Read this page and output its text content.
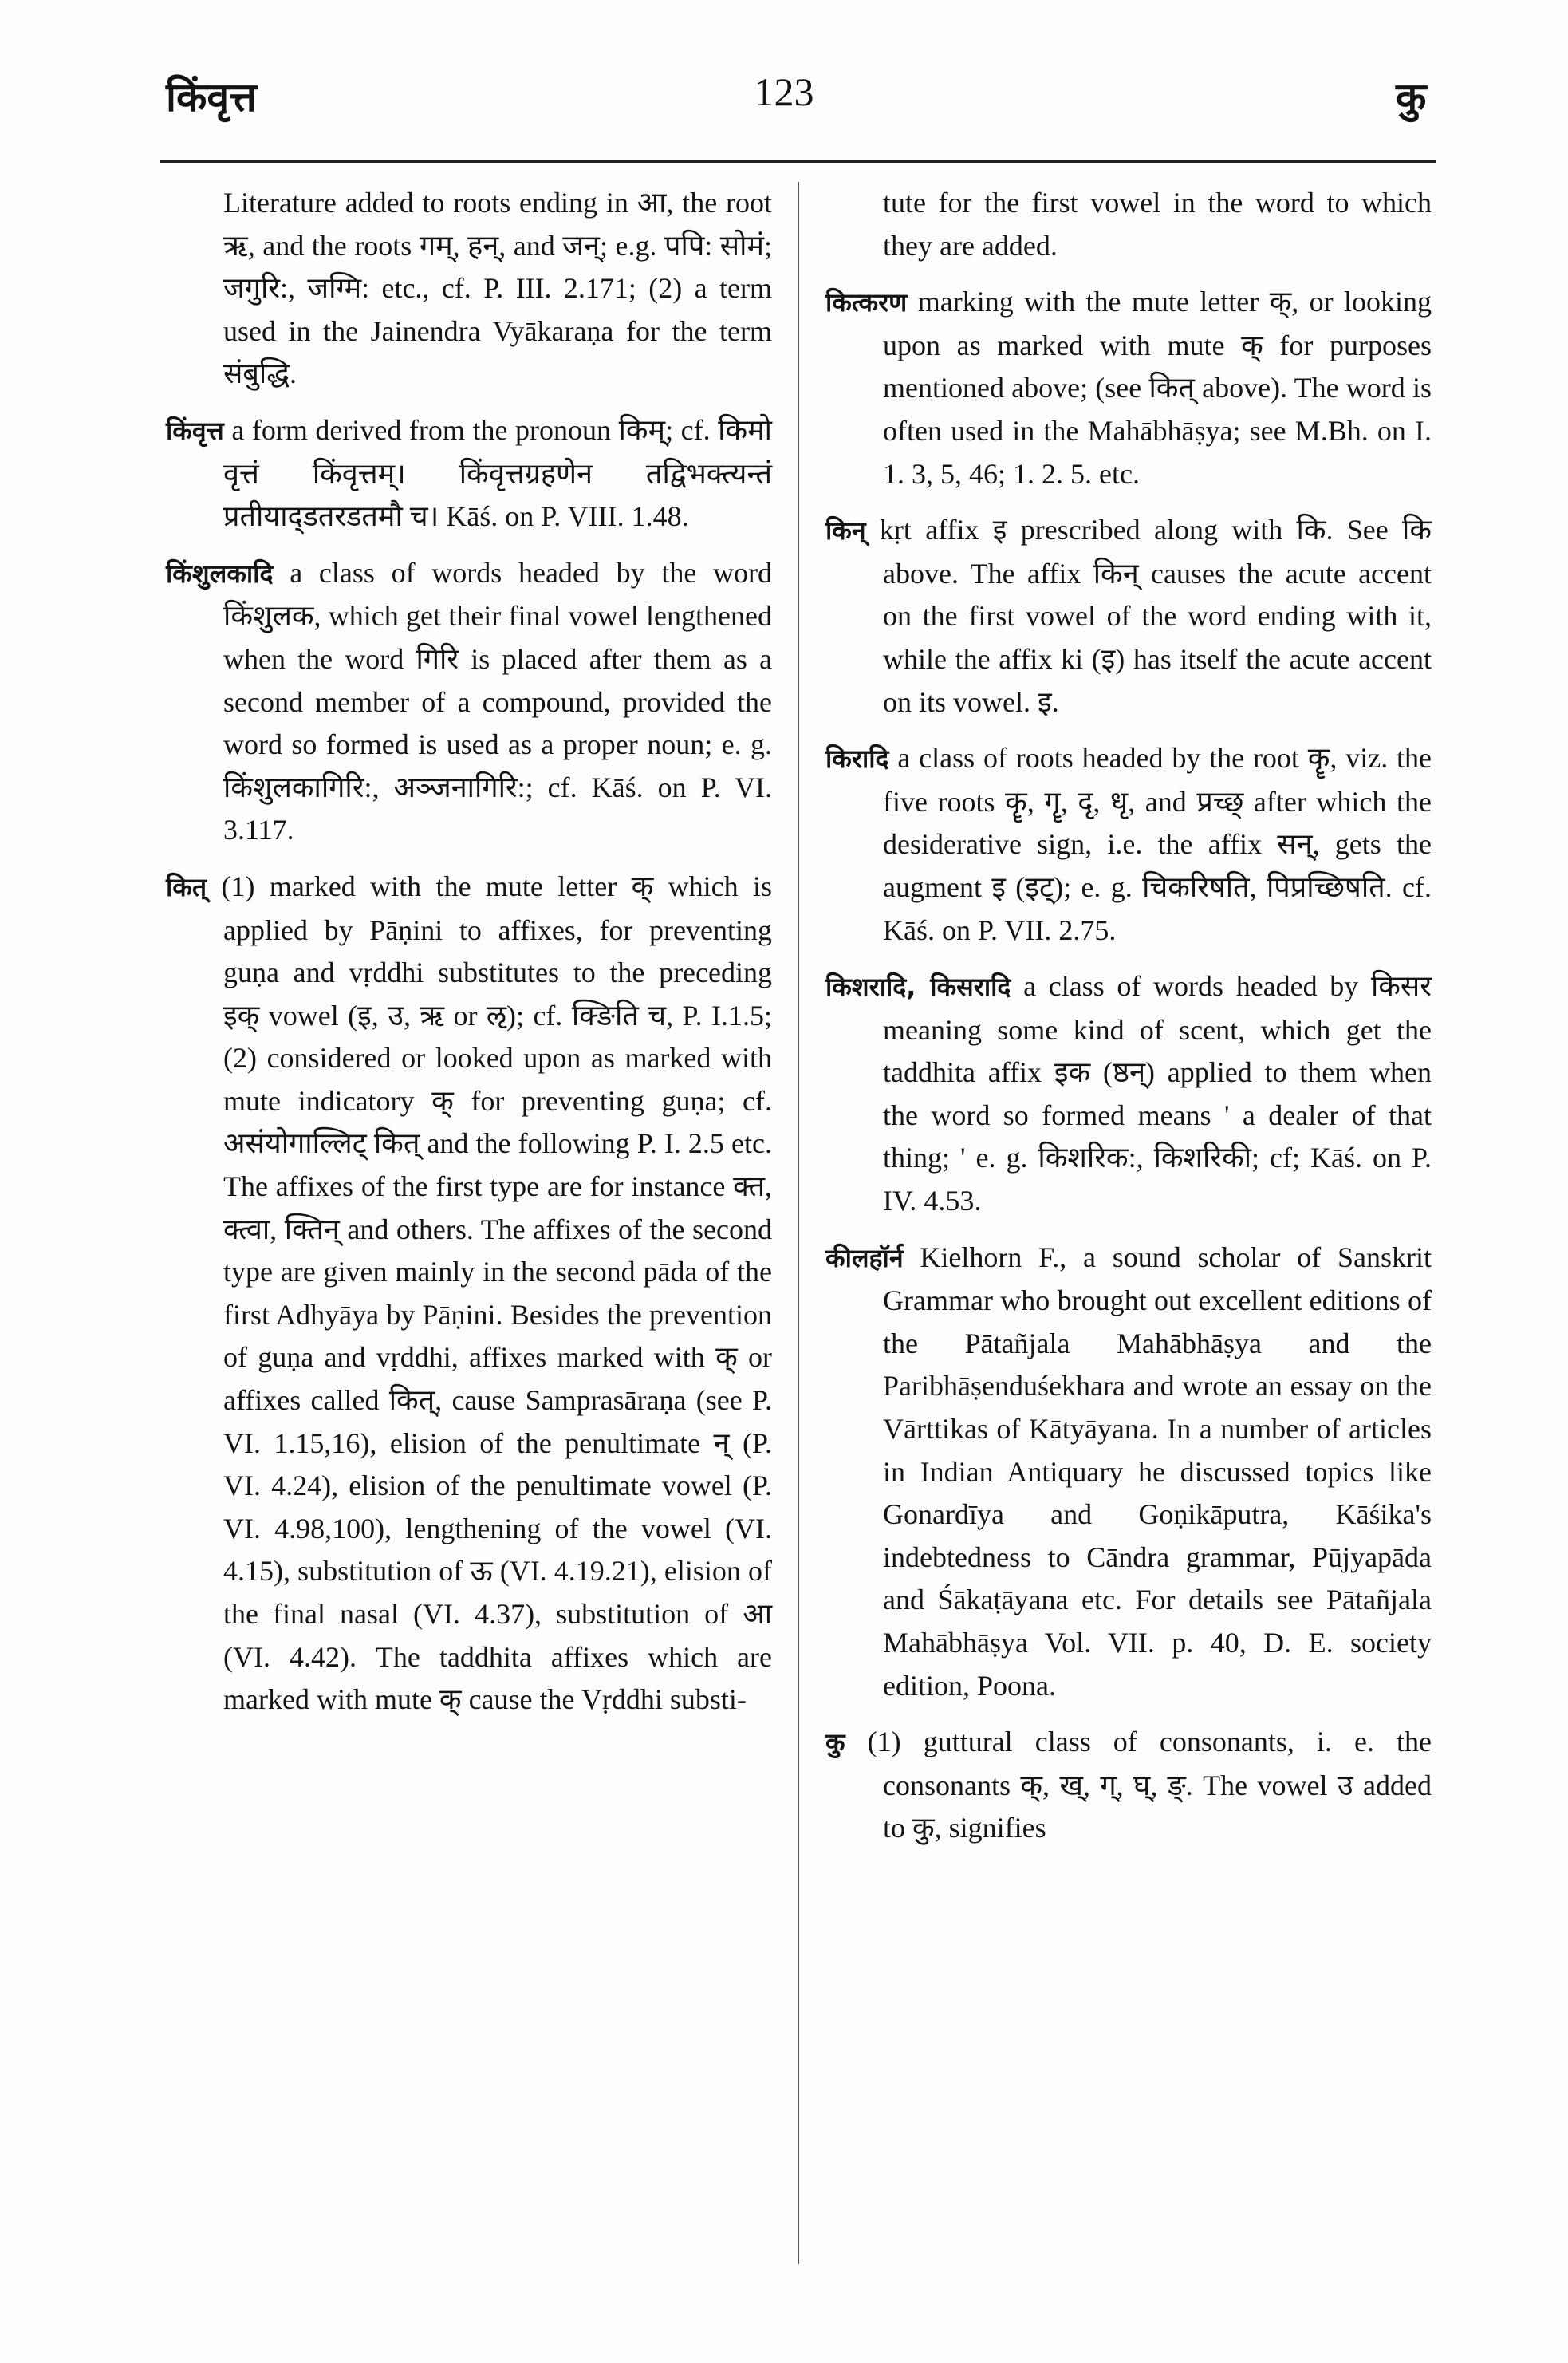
किंवृत्त	123	कु

Literature added to roots ending in आ, the root ऋ, and the roots गम्, हन्, and जन्; e.g. पपि: सोमं; जगुरि:, जग्मि: etc., cf. P. III. 2.171; (2) a term used in the Jainendra Vyākaraṇa for the term संबुद्धि.

किंवृत्त a form derived from the pronoun किम्; cf. किमो वृत्तं किंवृत्तम्। किंवृत्तग्रहणेन तद्विभक्त्यन्तं प्रतीयाद्डतरडतमौ च। Kāś. on P. VIII. 1.48.

किंशुलकादि a class of words headed by the word किंशुलक, which get their final vowel lengthened when the word गिरि is placed after them as a second member of a compound, provided the word so formed is used as a proper noun; e. g. किंशुलकागिरि:, अञ्जनागिरि:; cf. Kāś. on P. VI. 3.117.

कित् (1) marked with the mute letter क् which is applied by Pāṇini to affixes, for preventing guṇa and vṛddhi substitutes to the preceding इक् vowel (इ, उ, ऋ or ऌ); cf. क्ङिति च, P. I.1.5; (2) considered or looked upon as marked with mute indicatory क् for preventing guṇa; cf. असंयोगाल्लिट् कित् and the following P. I. 2.5 etc. The affixes of the first type are for instance क्त, क्त्वा, क्तिन् and others. The affixes of the second type are given mainly in the second pāda of the first Adhyāya by Pāṇini. Besides the prevention of guṇa and vṛddhi, affixes marked with क् or affixes called कित्, cause Samprasāraṇa (see P. VI. 1.15,16), elision of the penultimate न् (P. VI. 4.24), elision of the penultimate vowel (P. VI. 4.98,100), lengthening of the vowel (VI. 4.15), substitution of ऊ (VI. 4.19.21), elision of the final nasal (VI. 4.37), substitution of आ (VI. 4.42). The taddhita affixes which are marked with mute क् cause the Vṛddhi substi-

tute for the first vowel in the word to which they are added.

कित्करण marking with the mute letter क्, or looking upon as marked with mute क् for purposes mentioned above; (see कित् above). The word is often used in the Mahābhāṣya; see M.Bh. on I. 1. 3, 5, 46; 1. 2. 5. etc.

किन् kṛt affix इ prescribed along with कि. See कि above. The affix किन् causes the acute accent on the first vowel of the word ending with it, while the affix ki (इ) has itself the acute accent on its vowel. इ.

किरादि a class of roots headed by the root कॄ, viz. the five roots कॄ, गॄ, दृ, धृ, and प्रच्छ् after which the desiderative sign, i.e. the affix सन्, gets the augment इ (इट्); e. g. चिकरिषति, पिप्रच्छिषति. cf. Kāś. on P. VII. 2.75.

किशरादि, किसरादि a class of words headed by किसर meaning some kind of scent, which get the taddhita affix इक (ष्ठन्) applied to them when the word so formed means ' a dealer of that thing; ' e. g. किशरिक:, किशरिकी; cf; Kāś. on P. IV. 4.53.

कीलहॉर्न Kielhorn F., a sound scholar of Sanskrit Grammar who brought out excellent editions of the Pātañjala Mahābhāṣya and the Paribhāṣenduśekhara and wrote an essay on the Vārttikas of Kātyāyana. In a number of articles in Indian Antiquary he discussed topics like Gonardīya and Goṇikāputra, Kāśika's indebtedness to Cāndra grammar, Pūjyapāda and Śākaṭāyana etc. For details see Pātañjala Mahābhāṣya Vol. VII. p. 40, D. E. society edition, Poona.

कु (1) guttural class of consonants, i. e. the consonants क्, ख्, ग्, घ्, ङ्. The vowel उ added to कु, signifies
